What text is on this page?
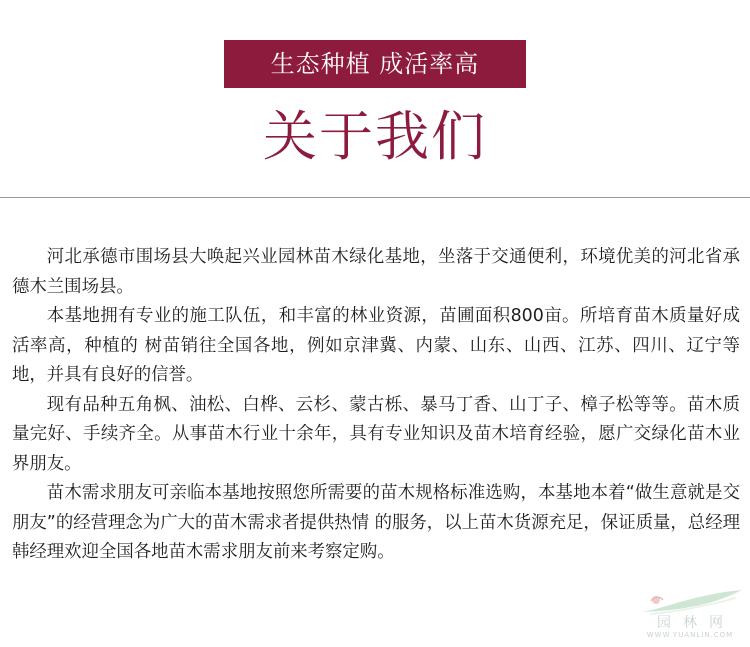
生态种植 成活率高
关于我们

河北承德市围场县大唤起兴业园林苗木绿化基地，坐落于交通便利，环境优美的河北省承德木兰围场县。

本基地拥有专业的施工队伍，和丰富的林业资源，苗圃面积800亩。所培育苗木质量好成活率高，种植的 树苗销往全国各地，例如京津冀、内蒙、山东、山西、江苏、四川、辽宁等地，并具有良好的信誉。

现有品种五角枫、油松、白桦、云杉、蒙古栎、暴马丁香、山丁子、樟子松等等。苗木质量完好、手续齐全。从事苗木行业十余年，具有专业知识及苗木培育经验，愿广交绿化苗木业界朋友。

苗木需求朋友可亲临本基地按照您所需要的苗木规格标准选购，本基地本着“做生意就是交朋友”的经营理念为广大的苗木需求者提供热情 的服务，以上苗木货源充足，保证质量，总经理韩经理欢迎全国各地苗木需求朋友前来考察定购。

园林网
WWW.YUANLIN.COM
